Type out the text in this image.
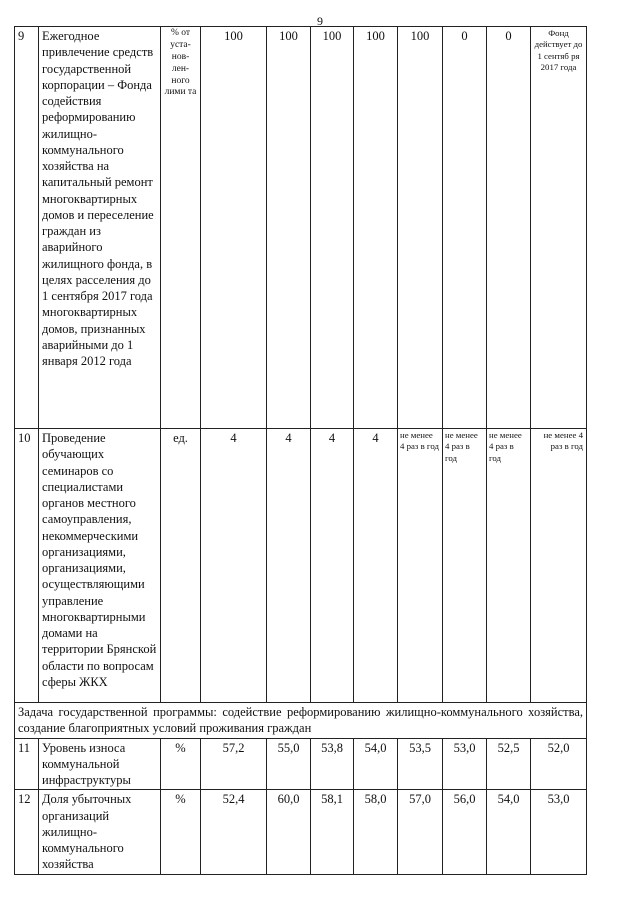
9
9	Ежегодное привлечение средств государственной корпорации – Фонда содействия реформированию жилищно-коммунального хозяйства на капитальный ремонт многоквартирных домов и переселение граждан из аварийного жилищного фонда, в целях расселения до 1 сентября 2017 года многоквартирных домов, признанных аварийными до 1 января 2012 года	% от уста-нов-лен-ного лими та	100	100	100	100	100	0	0	Фонд действует до 1 сентяб ря 2017 года
10	Проведение обучающих семинаров со специалистами органов местного самоуправления, некоммерческими организациями, организациями, осуществляющими управление многоквартирными домами на территории Брянской области по вопросам сферы ЖКХ	ед.	4	4	4	4	не менее 4 раз в год	не менее 4 раз в год	не менее 4 раз в год	не менее 4 раз в год
Задача государственной программы: содействие реформированию жилищно-коммунального хозяйства, создание благоприятных условий проживания граждан										
11	Уровень износа коммунальной инфраструктуры	%	57,2	55,0	53,8	54,0	53,5	53,0	52,5	52,0
12	Доля убыточных организаций жилищно-коммунального хозяйства	%	52,4	60,0	58,1	58,0	57,0	56,0	54,0	53,0
